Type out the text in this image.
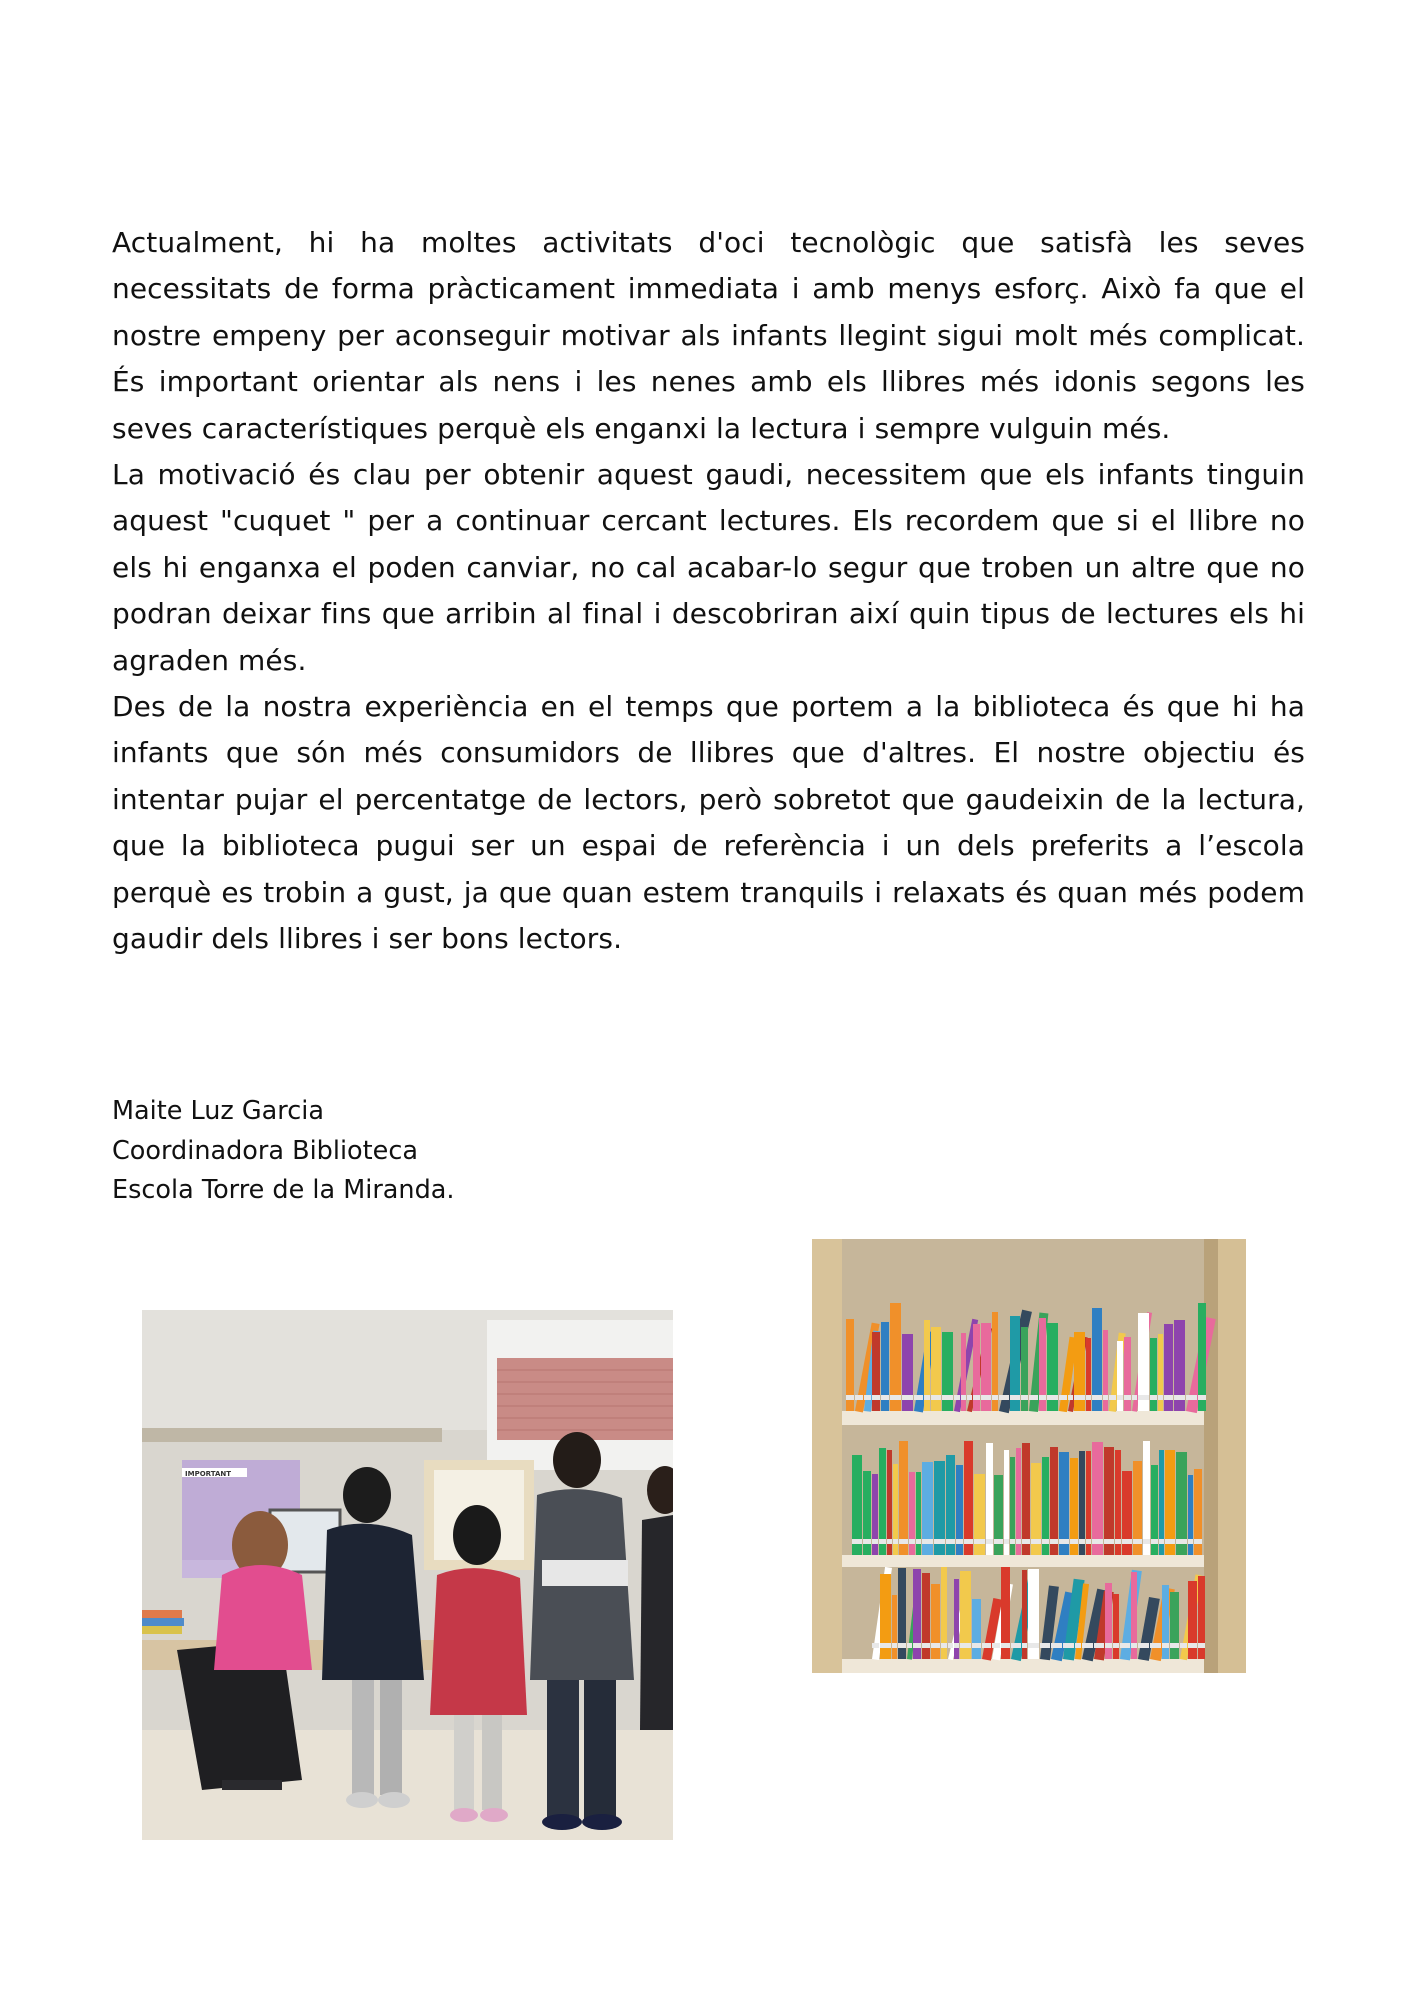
Actualment, hi ha moltes activitats d'oci tecnològic que satisfà les seves necessitats de forma pràcticament immediata i amb menys esforç. Això fa que el nostre empeny per aconseguir motivar als infants llegint sigui molt més complicat. És important orientar als nens i les nenes amb els llibres més idonis segons les seves característiques perquè els enganxi la lectura i sempre vulguin més.

La motivació és clau per obtenir aquest gaudi, necessitem que els infants tinguin aquest "cuquet " per a continuar cercant lectures. Els recordem que si el llibre no els hi enganxa el poden canviar, no cal acabar-lo segur que troben un altre que no podran deixar fins que arribin al final i descobriran així quin tipus de lectures els hi agraden més.

Des de la nostra experiència en el temps que portem a la biblioteca és que hi ha infants que són més consumidors de llibres que d'altres. El nostre objectiu és intentar pujar el percentatge de lectors, però sobretot que gaudeixin de la lectura, que la biblioteca pugui ser un espai de referència i un dels preferits a l’escola perquè es trobin a gust, ja que quan estem tranquils i relaxats és quan més podem gaudir dels llibres i ser bons lectors.

Maite Luz Garcia
Coordinadora Biblioteca
Escola Torre de la Miranda.
IMPORTANT
